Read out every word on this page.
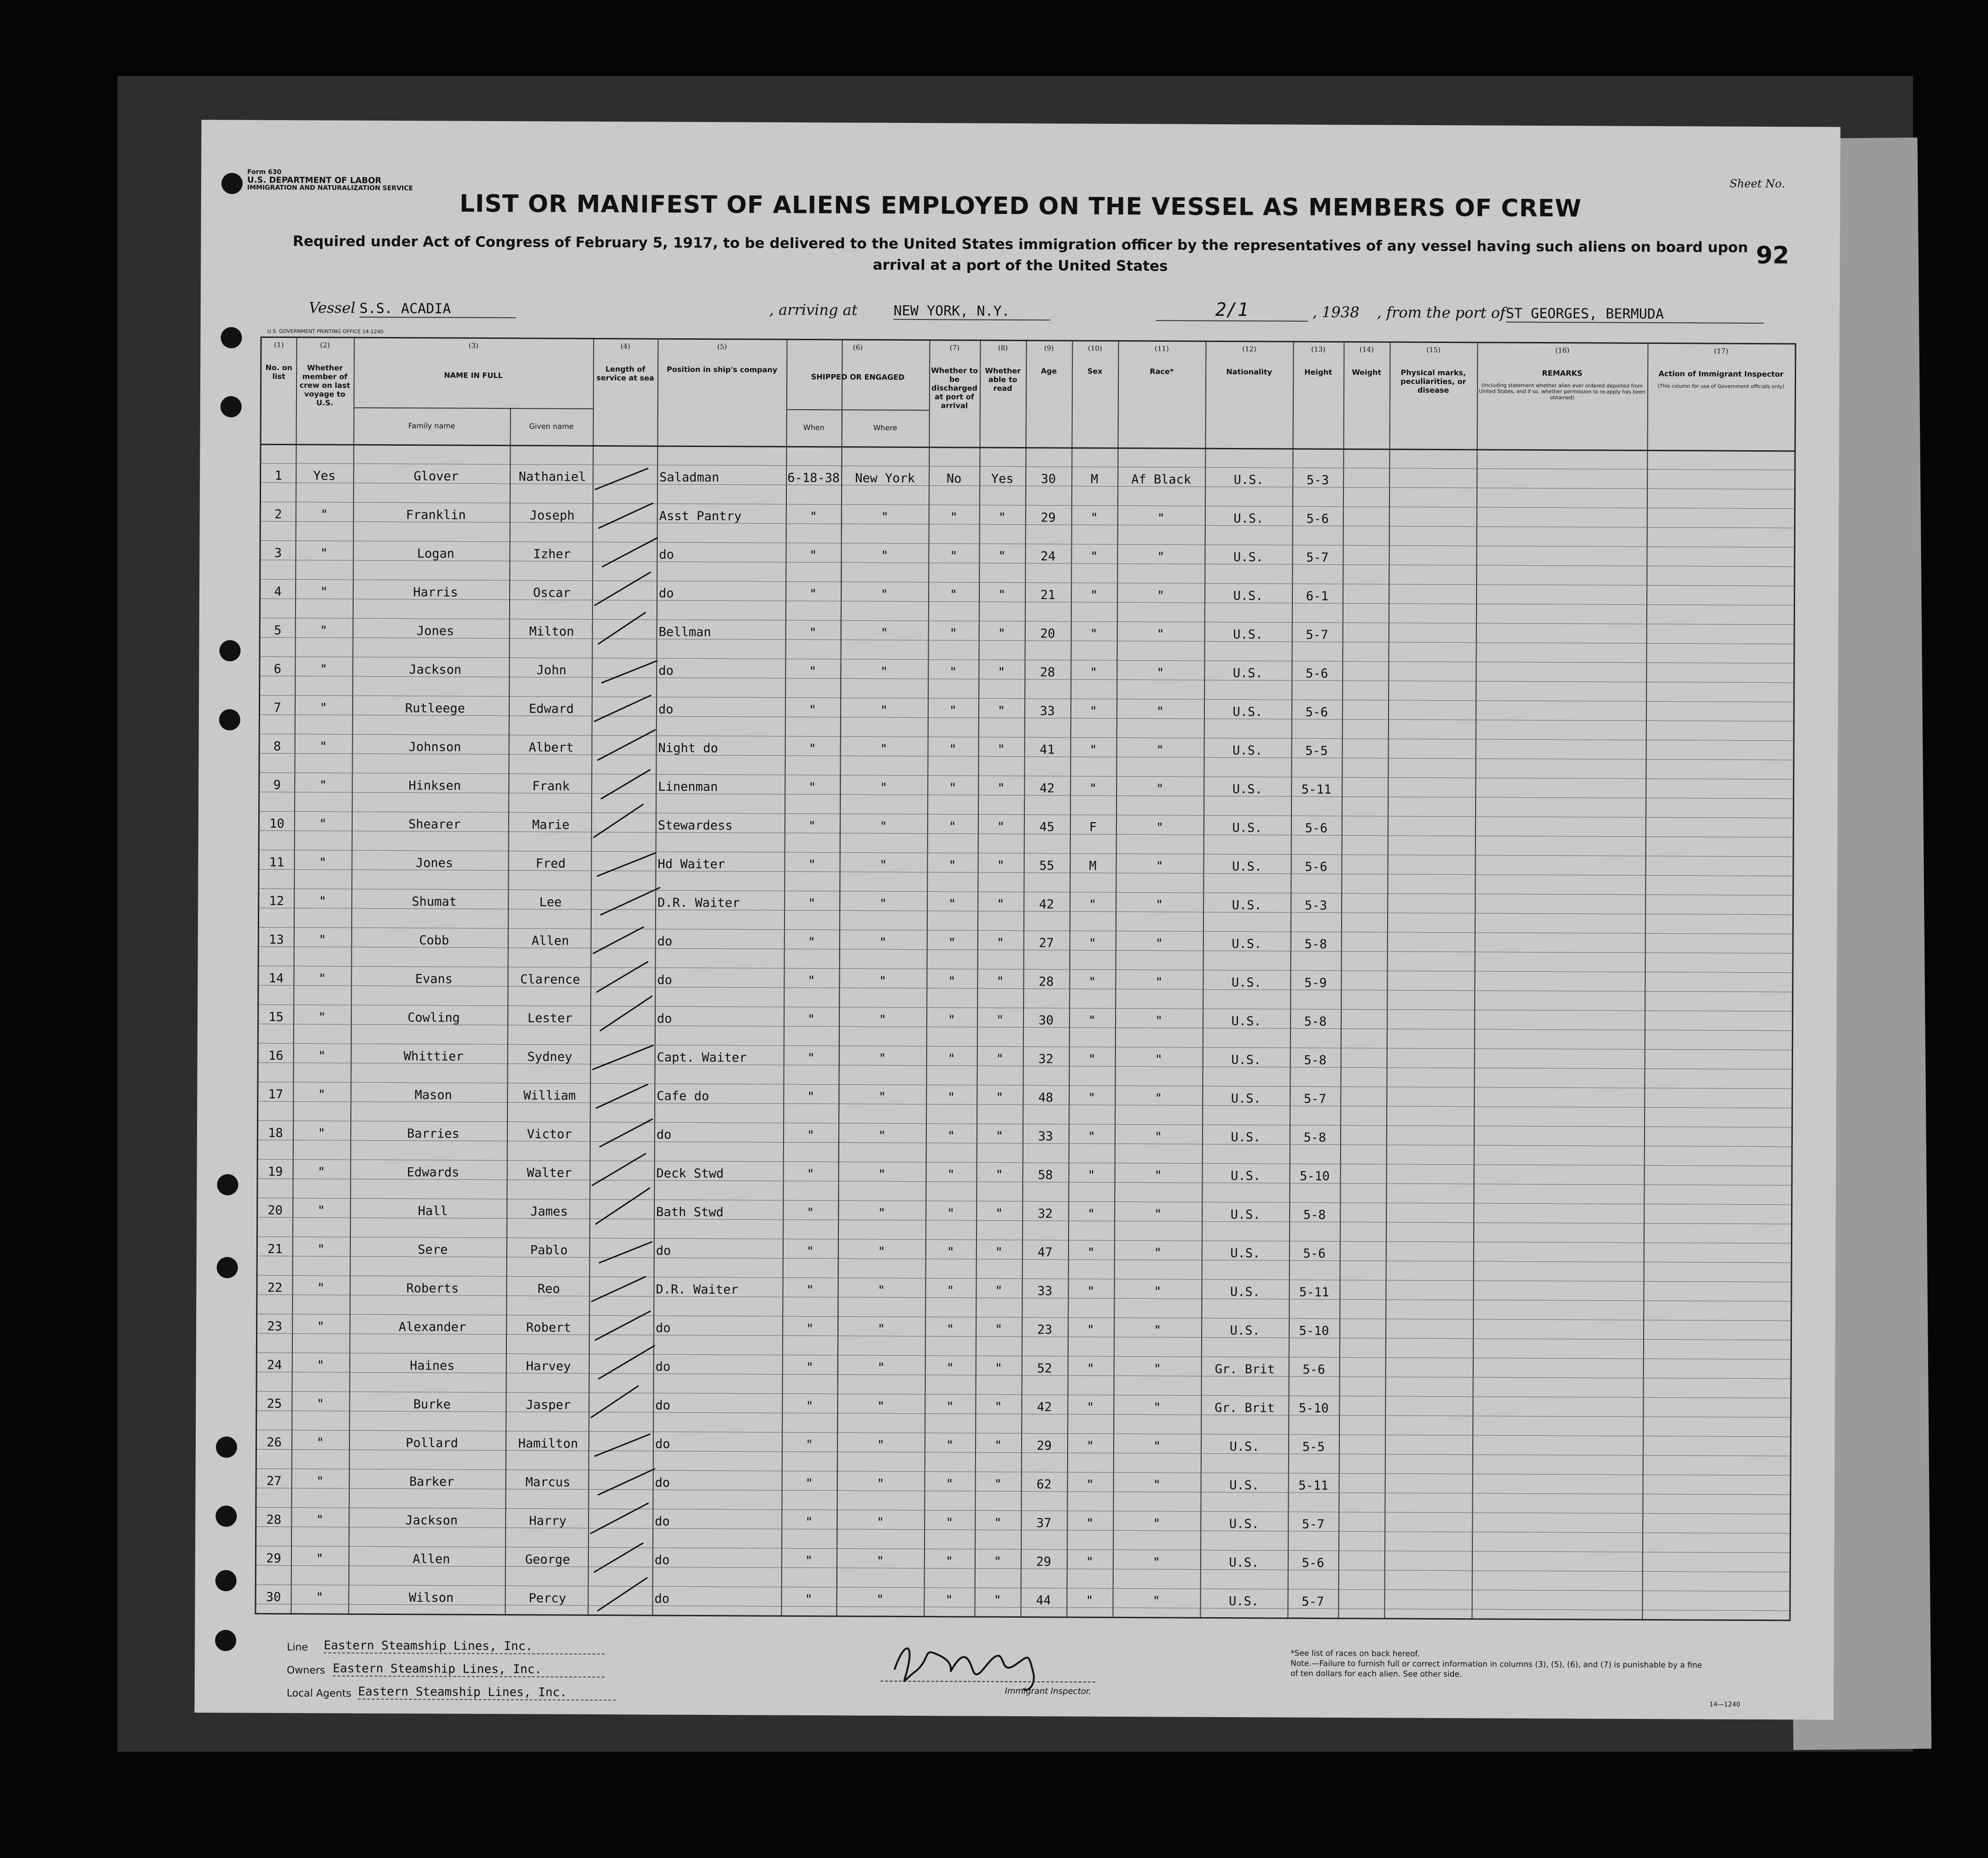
Form 630
U.S. DEPARTMENT OF LABOR
IMMIGRATION AND NATURALIZATION SERVICE	Sheet No.
LIST OR MANIFEST OF ALIENS EMPLOYED ON THE VESSEL AS MEMBERS OF CREW
Required under Act of Congress of February 5, 1917, to be delivered to the United States immigration officer by the representatives of any vessel having such aliens on board upon arrival at a port of the United States	92
Vessel S.S. ACADIA	, arriving at	NEW YORK, N.Y.	2/1	, 1938 , from the port of ST GEORGES, BERMUDA
U.S. GOVERNMENT PRINTING OFFICE 14-1240
(1)
No. on list
(2)
Whether member of crew on last voyage to U.S.
(3)
NAME IN FULL
(4)
Length of service at sea
(5)
Position in ship's company
(6)
SHIPPED OR ENGAGED
(7)
Whether to be discharged at port of arrival
(8)
Whether able to read
(9)
Age
(10)
Sex
(11)
Race*
(12)
Nationality
(13)
Height
(14)
Weight
(15)
Physical marks, peculiarities, or disease
(16)
REMARKS
(Including statement whether alien ever ordered deported from United States, and if so, whether permission to re-apply has been obtained)
(17)
Action of Immigrant Inspector
(This column for use of Government officials only)
Family name	Given name	When	Where
1	Yes	Glover	Nathaniel	Saladman	6-18-38	New York	No	Yes	30	M	Af Black	U.S.	5-3
2	"	Franklin	Joseph	Asst Pantry	"	"	"	"	29	"	"	U.S.	5-6
3	"	Logan	Izher	do	"	"	"	"	24	"	"	U.S.	5-7
4	"	Harris	Oscar	do	"	"	"	"	21	"	"	U.S.	6-1
5	"	Jones	Milton	Bellman	"	"	"	"	20	"	"	U.S.	5-7
6	"	Jackson	John	do	"	"	"	"	28	"	"	U.S.	5-6
7	"	Rutleege	Edward	do	"	"	"	"	33	"	"	U.S.	5-6
8	"	Johnson	Albert	Night do	"	"	"	"	41	"	"	U.S.	5-5
9	"	Hinksen	Frank	Linenman	"	"	"	"	42	"	"	U.S.	5-11
10	"	Shearer	Marie	Stewardess	"	"	"	"	45	F	"	U.S.	5-6
11	"	Jones	Fred	Hd Waiter	"	"	"	"	55	M	"	U.S.	5-6
12	"	Shumat	Lee	D.R. Waiter	"	"	"	"	42	"	"	U.S.	5-3
13	"	Cobb	Allen	do	"	"	"	"	27	"	"	U.S.	5-8
14	"	Evans	Clarence	do	"	"	"	"	28	"	"	U.S.	5-9
15	"	Cowling	Lester	do	"	"	"	"	30	"	"	U.S.	5-8
16	"	Whittier	Sydney	Capt. Waiter	"	"	"	"	32	"	"	U.S.	5-8
17	"	Mason	William	Cafe do	"	"	"	"	48	"	"	U.S.	5-7
18	"	Barries	Victor	do	"	"	"	"	33	"	"	U.S.	5-8
19	"	Edwards	Walter	Deck Stwd	"	"	"	"	58	"	"	U.S.	5-10
20	"	Hall	James	Bath Stwd	"	"	"	"	32	"	"	U.S.	5-8
21	"	Sere	Pablo	do	"	"	"	"	47	"	"	U.S.	5-6
22	"	Roberts	Reo	D.R. Waiter	"	"	"	"	33	"	"	U.S.	5-11
23	"	Alexander	Robert	do	"	"	"	"	23	"	"	U.S.	5-10
24	"	Haines	Harvey	do	"	"	"	"	52	"	"	Gr. Brit	5-6
25	"	Burke	Jasper	do	"	"	"	"	42	"	"	Gr. Brit	5-10
26	"	Pollard	Hamilton	do	"	"	"	"	29	"	"	U.S.	5-5
27	"	Barker	Marcus	do	"	"	"	"	62	"	"	U.S.	5-11
28	"	Jackson	Harry	do	"	"	"	"	37	"	"	U.S.	5-7
29	"	Allen	George	do	"	"	"	"	29	"	"	U.S.	5-6
30	"	Wilson	Percy	do	"	"	"	"	44	"	"	U.S.	5-7
Line Eastern Steamship Lines, Inc.
Owners Eastern Steamship Lines, Inc.
Local Agents Eastern Steamship Lines, Inc.	Immigrant Inspector.
*See list of races on back hereof.
Note.—Failure to furnish full or correct information in columns (3), (5), (6), and (7) is punishable by a fine of ten dollars for each alien. See other side.
14—1240
